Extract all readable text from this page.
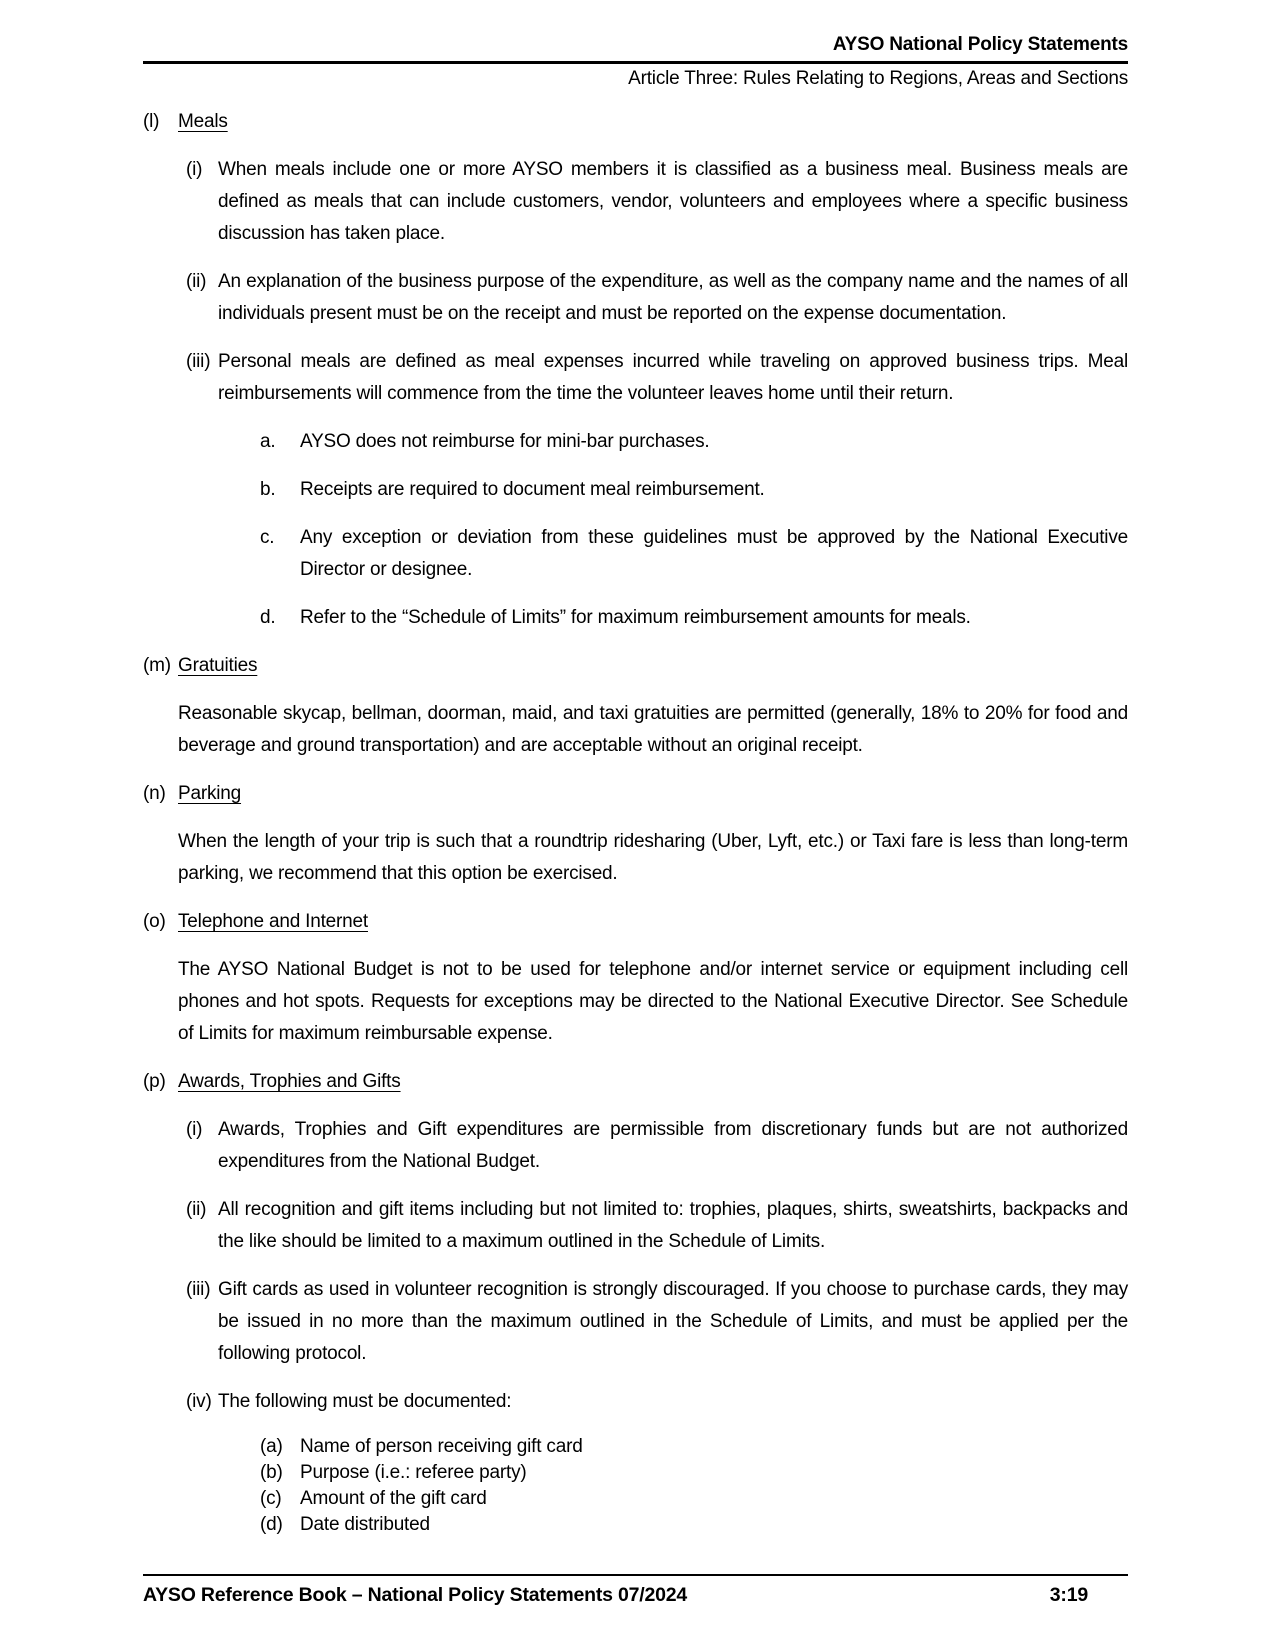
AYSO National Policy Statements
Article Three: Rules Relating to Regions, Areas and Sections
(l) Meals
(i) When meals include one or more AYSO members it is classified as a business meal. Business meals are defined as meals that can include customers, vendor, volunteers and employees where a specific business discussion has taken place.
(ii) An explanation of the business purpose of the expenditure, as well as the company name and the names of all individuals present must be on the receipt and must be reported on the expense documentation.
(iii) Personal meals are defined as meal expenses incurred while traveling on approved business trips. Meal reimbursements will commence from the time the volunteer leaves home until their return.
a.	AYSO does not reimburse for mini-bar purchases.
b.	Receipts are required to document meal reimbursement.
c.	Any exception or deviation from these guidelines must be approved by the National Executive Director or designee.
d.	Refer to the “Schedule of Limits” for maximum reimbursement amounts for meals.
(m) Gratuities
Reasonable skycap, bellman, doorman, maid, and taxi gratuities are permitted (generally, 18% to 20% for food and beverage and ground transportation) and are acceptable without an original receipt.
(n) Parking
When the length of your trip is such that a roundtrip ridesharing (Uber, Lyft, etc.) or Taxi fare is less than long-term parking, we recommend that this option be exercised.
(o) Telephone and Internet
The AYSO National Budget is not to be used for telephone and/or internet service or equipment including cell phones and hot spots. Requests for exceptions may be directed to the National Executive Director. See Schedule of Limits for maximum reimbursable expense.
(p) Awards, Trophies and Gifts
(i) Awards, Trophies and Gift expenditures are permissible from discretionary funds but are not authorized expenditures from the National Budget.
(ii) All recognition and gift items including but not limited to: trophies, plaques, shirts, sweatshirts, backpacks and the like should be limited to a maximum outlined in the Schedule of Limits.
(iii) Gift cards as used in volunteer recognition is strongly discouraged. If you choose to purchase cards, they may be issued in no more than the maximum outlined in the Schedule of Limits, and must be applied per the following protocol.
(iv) The following must be documented:
(a) Name of person receiving gift card
(b) Purpose (i.e.: referee party)
(c) Amount of the gift card
(d) Date distributed
AYSO Reference Book – National Policy Statements 07/2024	3:19
